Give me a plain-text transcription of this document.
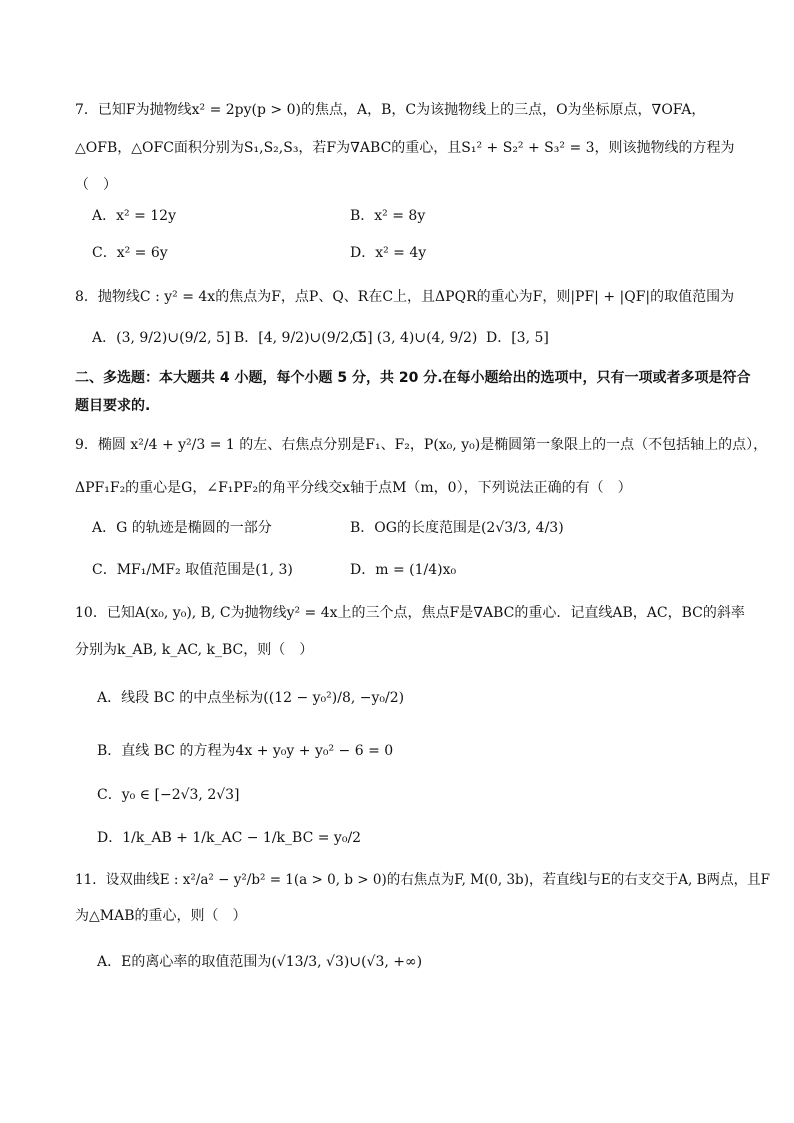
7．已知F为抛物线x² = 2py(p > 0)的焦点，A，B，C为该抛物线上的三点，O为坐标原点，∇OFA，
△OFB，△OFC面积分别为S₁,S₂,S₃，若F为∇ABC的重心，且S₁² + S₂² + S₃² = 3，则该抛物线的方程为
（　）
A．x² = 12y	B．x² = 8y
C．x² = 6y	D．x² = 4y
8．抛物线C : y² = 4x的焦点为F，点P、Q、R在C上，且ΔPQR的重心为F，则|PF| + |QF|的取值范围为
A．(3, 9/2)∪(9/2, 5] B．[4, 9/2)∪(9/2, 5]
C．(3, 4)∪(4, 9/2) D．[3, 5]
二、多选题：本大题共 4 小题，每个小题 5 分，共 20 分.在每小题给出的选项中，只有一项或者多项是符合
题目要求的.
9．椭圆 x²/4 + y²/3 = 1 的左、右焦点分别是F₁、F₂，P(x₀, y₀)是椭圆第一象限上的一点（不包括轴上的点），
ΔPF₁F₂的重心是G，∠F₁PF₂的角平分线交x轴于点M（m，0），下列说法正确的有（　）
A．G 的轨迹是椭圆的一部分	B．OG的长度范围是(2√3/3, 4/3)
C．MF₁/MF₂ 取值范围是(1, 3)	D．m = (1/4)x₀
10．已知A(x₀, y₀), B, C为抛物线y² = 4x上的三个点，焦点F是∇ABC的重心．记直线AB，AC，BC的斜率
分别为k_AB, k_AC, k_BC，则（　）
A．线段 BC 的中点坐标为((12 − y₀²)/8, −y₀/2)
B．直线 BC 的方程为4x + y₀y + y₀² − 6 = 0
C．y₀ ∈ [−2√3, 2√3]
D．1/k_AB + 1/k_AC − 1/k_BC = y₀/2
11．设双曲线E : x²/a² − y²/b² = 1(a > 0, b > 0)的右焦点为F, M(0, 3b)，若直线l与E的右支交于A, B两点，且F
为△MAB的重心，则（　）
A．E的离心率的取值范围为(√13/3, √3)∪(√3, +∞)
